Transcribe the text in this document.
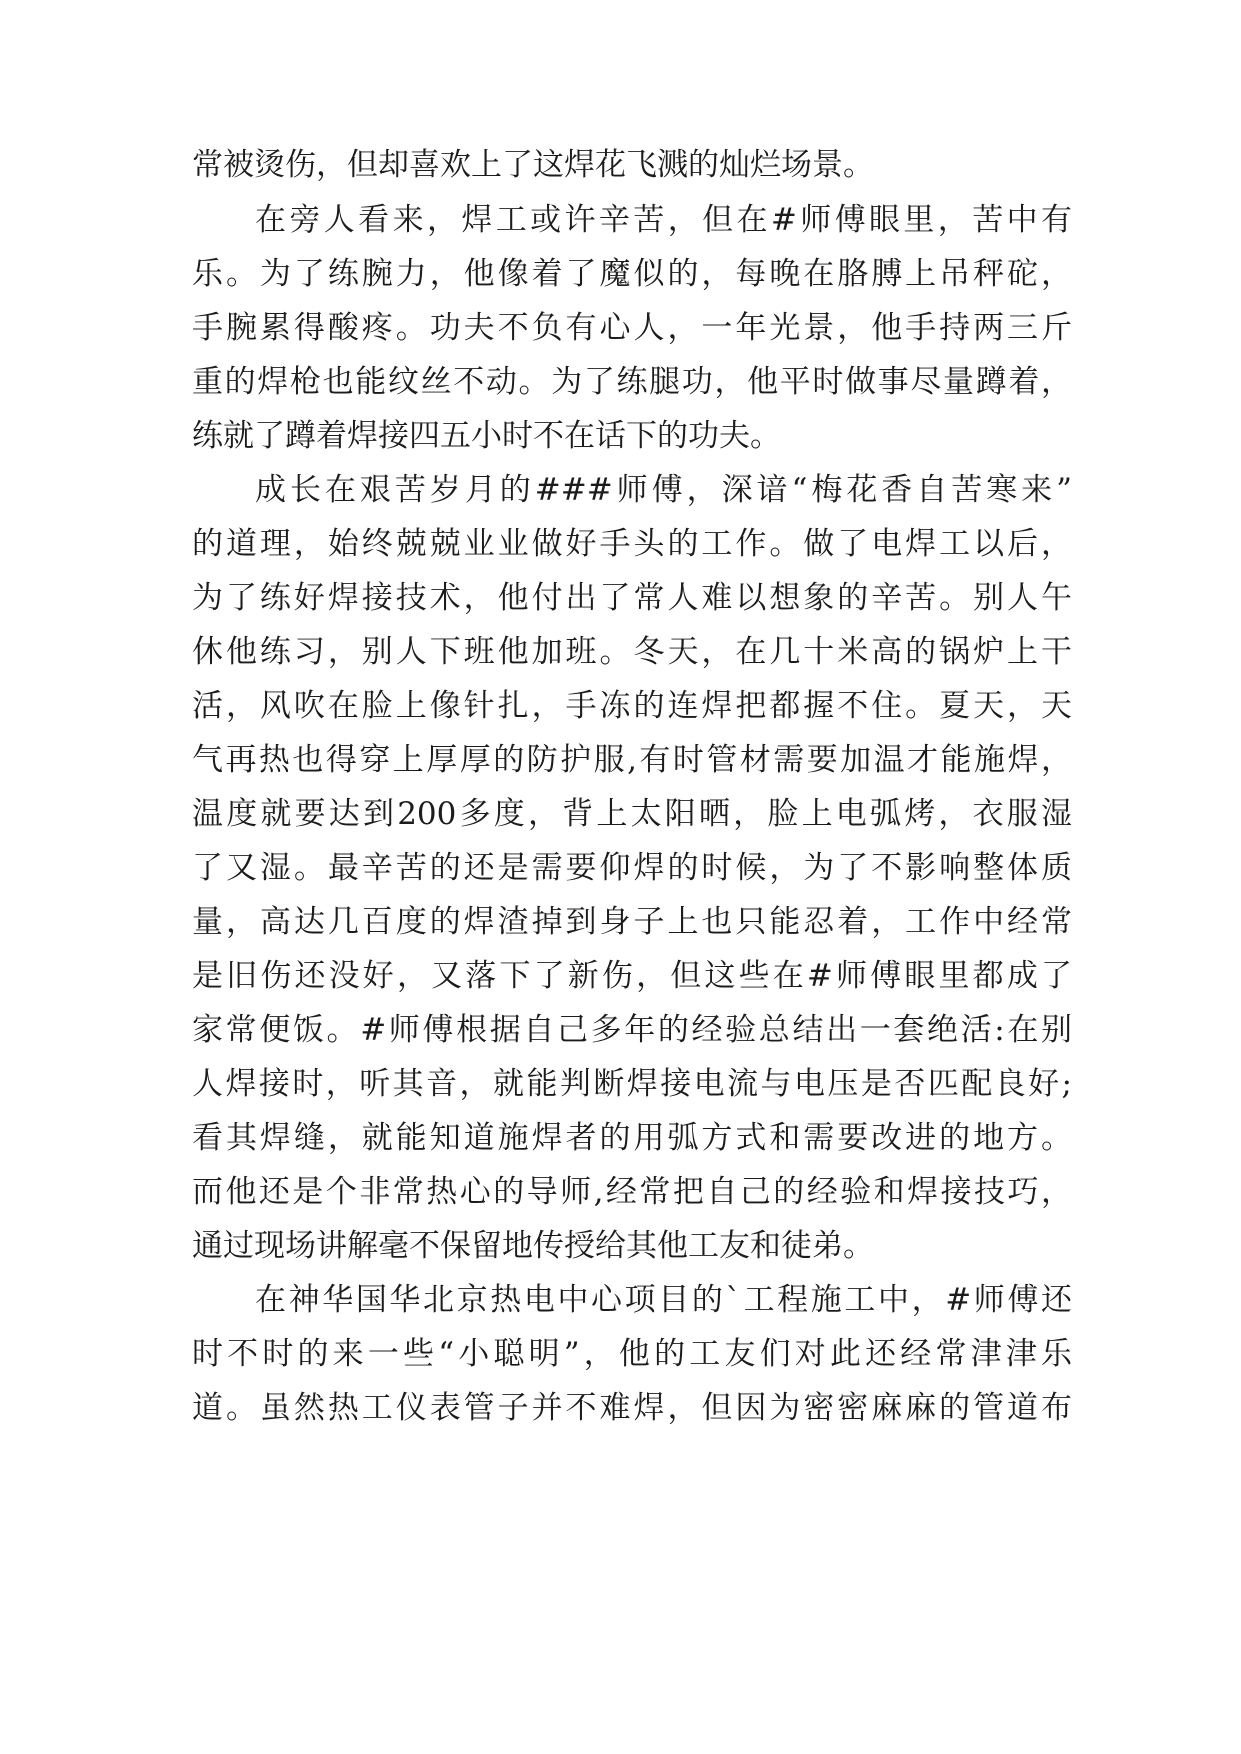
常被烫伤，但却喜欢上了这焊花飞溅的灿烂场景。
在旁人看来，焊工或许辛苦，但在#师傅眼里，苦中有
乐。为了练腕力，他像着了魔似的，每晚在胳膊上吊秤砣，
手腕累得酸疼。功夫不负有心人，一年光景，他手持两三斤
重的焊枪也能纹丝不动。为了练腿功，他平时做事尽量蹲着，
练就了蹲着焊接四五小时不在话下的功夫。
成长在艰苦岁月的###师傅，深谙“梅花香自苦寒来”
的道理，始终兢兢业业做好手头的工作。做了电焊工以后，
为了练好焊接技术，他付出了常人难以想象的辛苦。别人午
休他练习，别人下班他加班。冬天，在几十米高的锅炉上干
活，风吹在脸上像针扎，手冻的连焊把都握不住。夏天，天
气再热也得穿上厚厚的防护服,有时管材需要加温才能施焊，
温度就要达到200多度，背上太阳晒，脸上电弧烤，衣服湿
了又湿。最辛苦的还是需要仰焊的时候，为了不影响整体质
量，高达几百度的焊渣掉到身子上也只能忍着，工作中经常
是旧伤还没好，又落下了新伤，但这些在#师傅眼里都成了
家常便饭。#师傅根据自己多年的经验总结出一套绝活:在别
人焊接时，听其音，就能判断焊接电流与电压是否匹配良好;
看其焊缝，就能知道施焊者的用弧方式和需要改进的地方。
而他还是个非常热心的导师,经常把自己的经验和焊接技巧，
通过现场讲解毫不保留地传授给其他工友和徒弟。
在神华国华北京热电中心项目的`工程施工中，#师傅还
时不时的来一些“小聪明”，他的工友们对此还经常津津乐
道。虽然热工仪表管子并不难焊，但因为密密麻麻的管道布
